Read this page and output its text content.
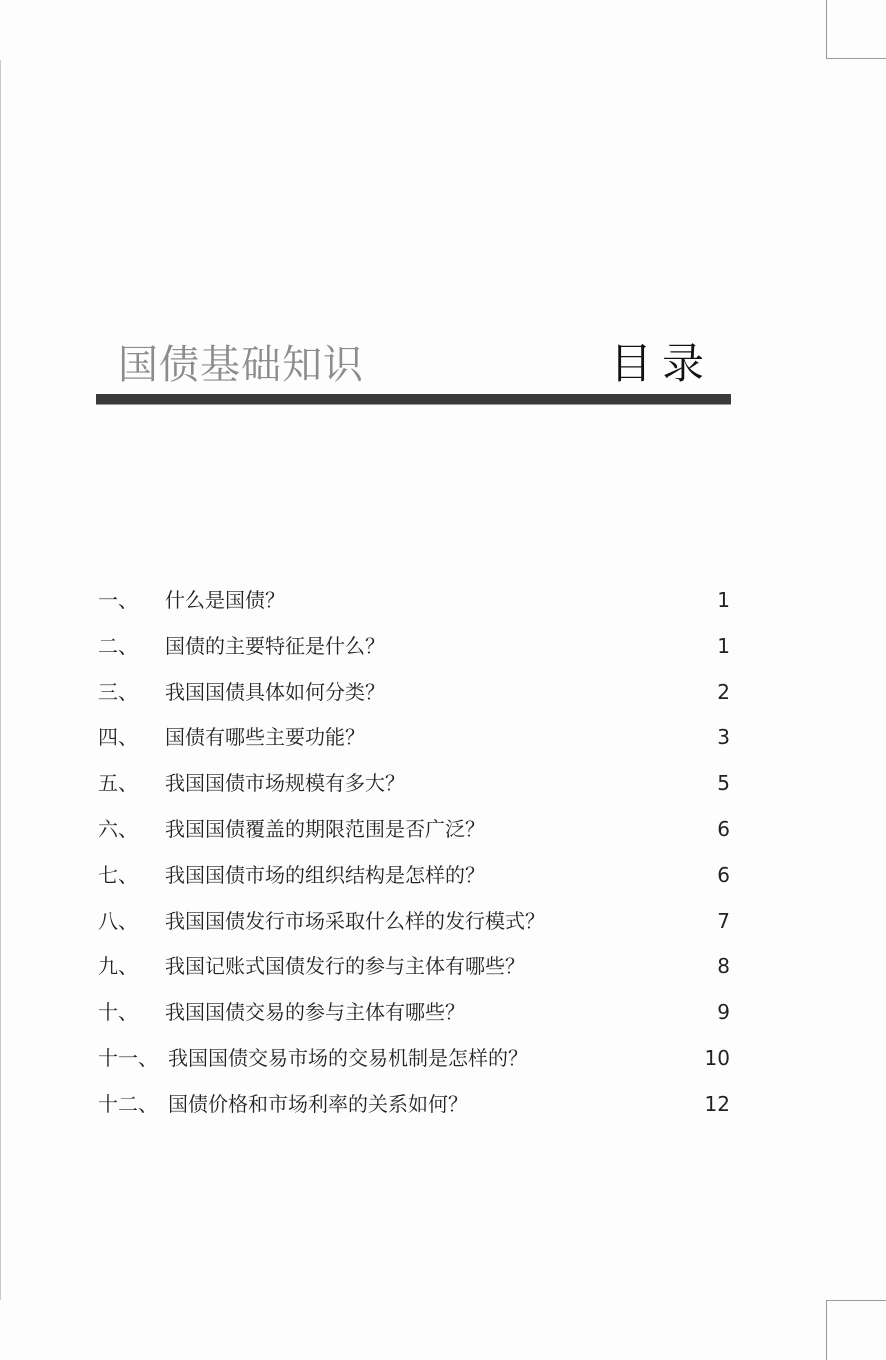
国债基础知识	目录
一、 什么是国债？	1
二、 国债的主要特征是什么？	1
三、 我国国债具体如何分类？	2
四、 国债有哪些主要功能？	3
五、 我国国债市场规模有多大？	5
六、 我国国债覆盖的期限范围是否广泛？	6
七、 我国国债市场的组织结构是怎样的？	6
八、 我国国债发行市场采取什么样的发行模式？	7
九、 我国记账式国债发行的参与主体有哪些？	8
十、 我国国债交易的参与主体有哪些？	9
十一、 我国国债交易市场的交易机制是怎样的？	10
十二、 国债价格和市场利率的关系如何？	12
